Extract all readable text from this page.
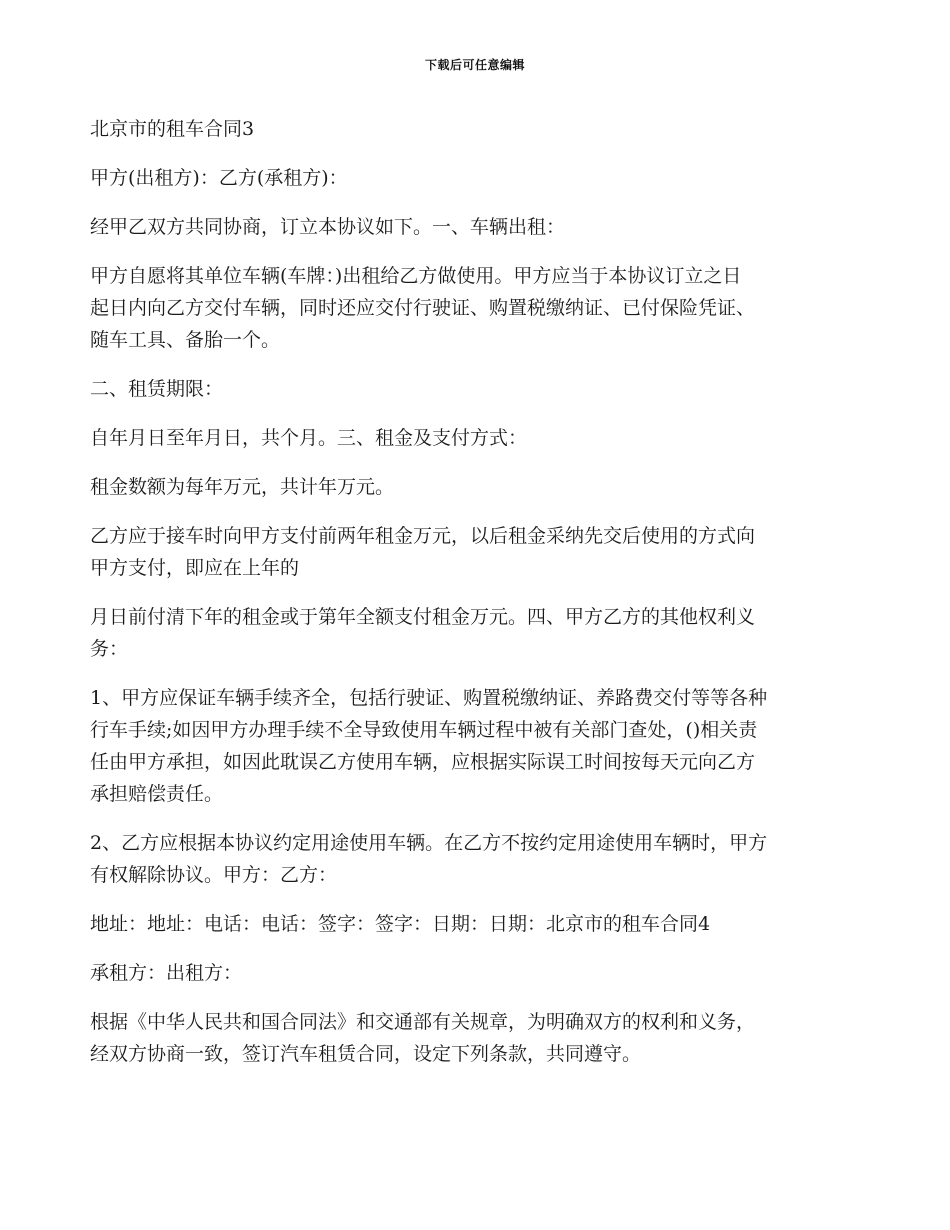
下载后可任意编辑

北京市的租车合同3

甲方(出租方)：乙方(承租方)：

经甲乙双方共同协商，订立本协议如下。一、车辆出租：

甲方自愿将其单位车辆(车牌：)出租给乙方做使用。甲方应当于本协议订立之日
起日内向乙方交付车辆，同时还应交付行驶证、购置税缴纳证、已付保险凭证、
随车工具、备胎一个。

二、租赁期限：

自年月日至年月日，共个月。三、租金及支付方式：

租金数额为每年万元，共计年万元。

乙方应于接车时向甲方支付前两年租金万元，以后租金采纳先交后使用的方式向
甲方支付，即应在上年的

月日前付清下年的租金或于第年全额支付租金万元。四、甲方乙方的其他权利义
务：

1、甲方应保证车辆手续齐全，包括行驶证、购置税缴纳证、养路费交付等等各种
行车手续;如因甲方办理手续不全导致使用车辆过程中被有关部门查处，()相关责
任由甲方承担，如因此耽误乙方使用车辆，应根据实际误工时间按每天元向乙方
承担赔偿责任。

2、乙方应根据本协议约定用途使用车辆。在乙方不按约定用途使用车辆时，甲方
有权解除协议。甲方：乙方：

地址：地址：电话：电话：签字：签字：日期：日期：北京市的租车合同4

承租方：出租方：

根据《中华人民共和国合同法》和交通部有关规章，为明确双方的权利和义务，
经双方协商一致，签订汽车租赁合同，设定下列条款，共同遵守。
